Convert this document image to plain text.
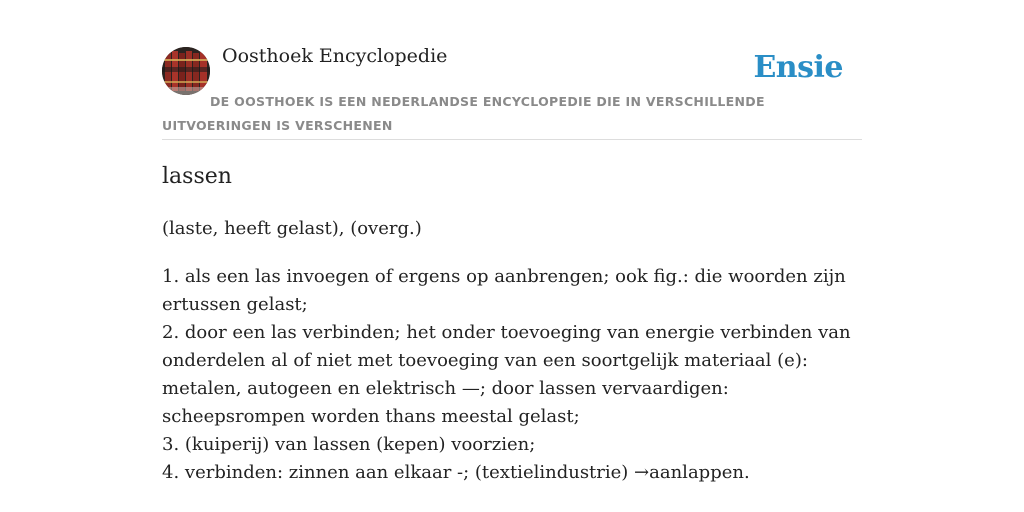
Oosthoek Encyclopedie	Ensie
DE OOSTHOEK IS EEN NEDERLANDSE ENCYCLOPEDIE DIE IN VERSCHILLENDE UITVOERINGEN IS VERSCHENEN
lassen
(laste, heeft gelast), (overg.)
1. als een las invoegen of ergens op aanbrengen; ook fig.: die woorden zijn ertussen gelast;
2. door een las verbinden; het onder toevoeging van energie verbinden van onderdelen al of niet met toevoeging van een soortgelijk materiaal (e): metalen, autogeen en elektrisch —; door lassen vervaardigen: scheepsrompen worden thans meestal gelast;
3. (kuiperij) van lassen (kepen) voorzien;
4. verbinden: zinnen aan elkaar -; (textielindustrie) →aanlappen.
